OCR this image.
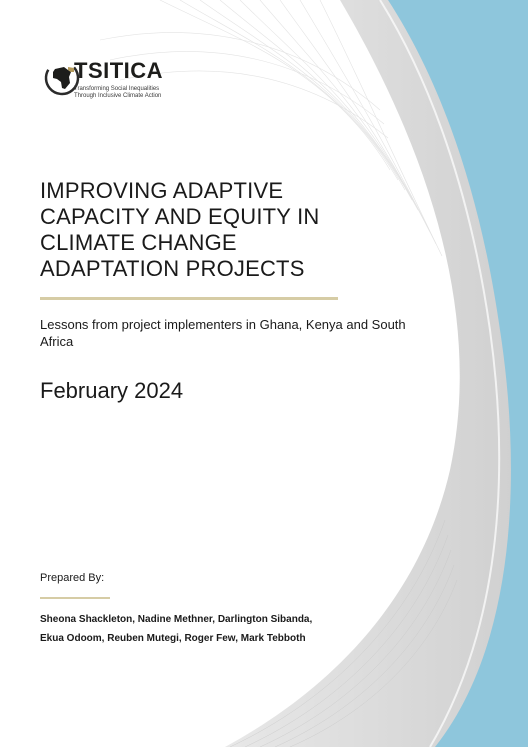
TSITICA
Transforming Social Inequalities
Through Inclusive Climate Action
IMPROVING ADAPTIVE
CAPACITY AND EQUITY IN
CLIMATE CHANGE
ADAPTATION PROJECTS
Lessons from project implementers in Ghana, Kenya and South Africa
February 2024
Prepared By:
Sheona Shackleton, Nadine Methner, Darlington Sibanda, Ekua Odoom, Reuben Mutegi, Roger Few, Mark Tebboth
